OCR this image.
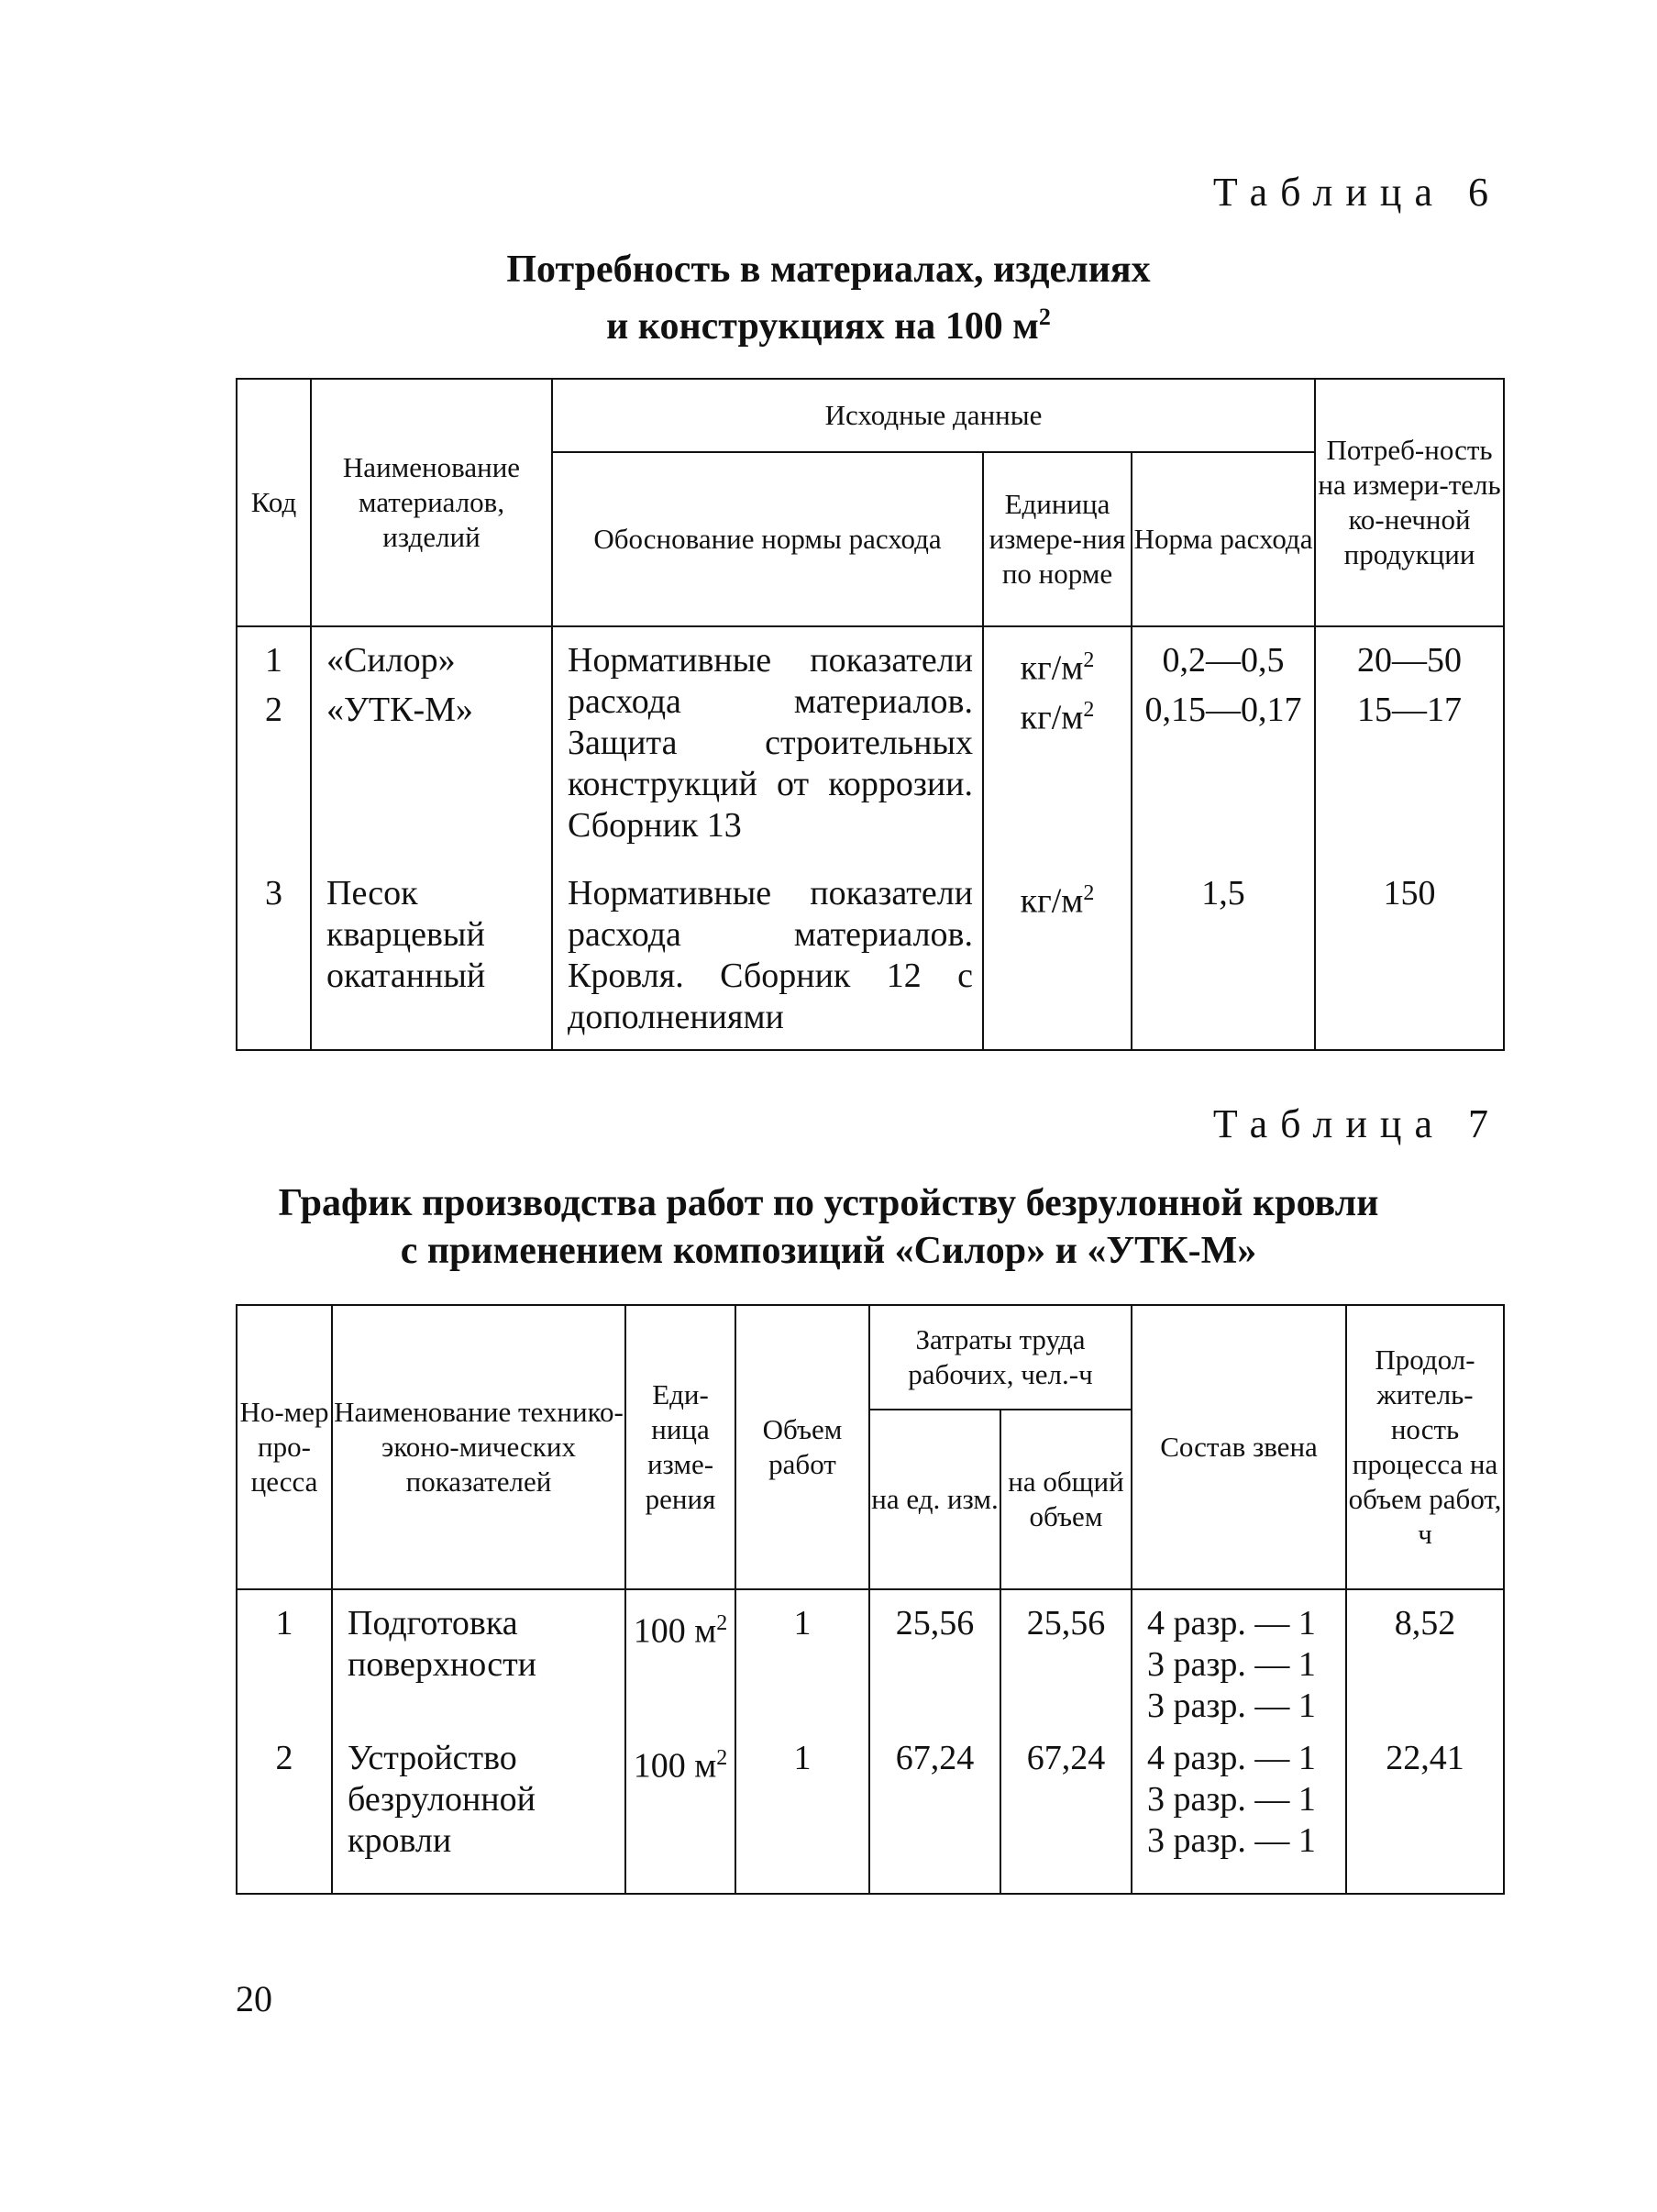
Таблица 6
Потребность в материалах, изделиях
и конструкциях на 100 $м^2$
Код	Наименование материалов, изделий	Исходные данные			Потреб-ность на измери-тель ко-нечной продукции
		Обоснование нормы расхода	Единица измере-ния по норме	Норма расхода	
1	«Силор»	Нормативные показатели расхода материалов. Защита строительных конструкций от коррозии. Сборник 13	$кг/м^2$	0,2—0,5	20—50
2	«УТК-М»		$кг/м^2$	0,15—0,17	15—17
3	Песок кварцевый окатанный	Нормативные показатели расхода материалов. Кровля. Сборник 12 с дополнениями	$кг/м^2$	1,5	150
Таблица 7
График производства работ по устройству безрулонной кровли
с применением композиций «Силор» и «УТК-М»
Но-мер про-цесса	Наименование технико-эконо-мических показателей	Еди-ница изме-рения	Объем работ	Затраты труда рабочих, чел.-ч		Состав звена	Продол-житель-ность процесса на объем работ, ч
				на ед. изм.	на общий объем		
1	Подготовка поверхности	100 $м^2$	1	25,56	25,56	4 разр. — 1
3 разр. — 1
3 разр. — 1	8,52
2	Устройство безрулонной кровли	100 $м^2$	1	67,24	67,24	4 разр. — 1
3 разр. — 1
3 разр. — 1	22,41
20
